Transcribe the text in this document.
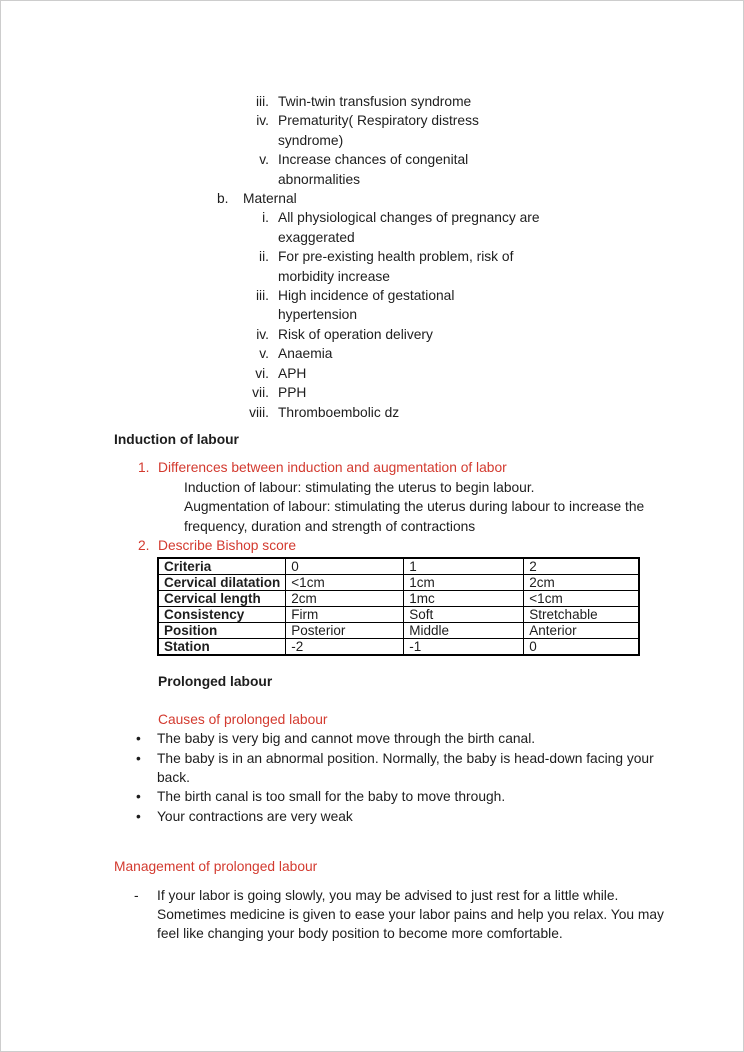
iii. Twin-twin transfusion syndrome
iv. Prematurity( Respiratory distress
syndrome)
v. Increase chances of congenital
abnormalities
b. Maternal
i. All physiological changes of pregnancy are
exaggerated
ii. For pre-existing health problem, risk of
morbidity increase
iii. High incidence of gestational
hypertension
iv. Risk of operation delivery
v. Anaemia
vi. APH
vii. PPH
viii. Thromboembolic dz
Induction of labour
1. Differences between induction and augmentation of labor
Induction of labour: stimulating the uterus to begin labour.
Augmentation of labour: stimulating the uterus during labour to increase the
frequency, duration and strength of contractions
2. Describe Bishop score
Criteria	0	1	2
Cervical dilatation	<1cm	1cm	2cm
Cervical length	2cm	1mc	<1cm
Consistency	Firm	Soft	Stretchable
Position	Posterior	Middle	Anterior
Station	-2	-1	0
Prolonged labour
Causes of prolonged labour
• The baby is very big and cannot move through the birth canal.
• The baby is in an abnormal position. Normally, the baby is head-down facing your
back.
• The birth canal is too small for the baby to move through.
• Your contractions are very weak
Management of prolonged labour
- If your labor is going slowly, you may be advised to just rest for a little while.
Sometimes medicine is given to ease your labor pains and help you relax. You may
feel like changing your body position to become more comfortable.
